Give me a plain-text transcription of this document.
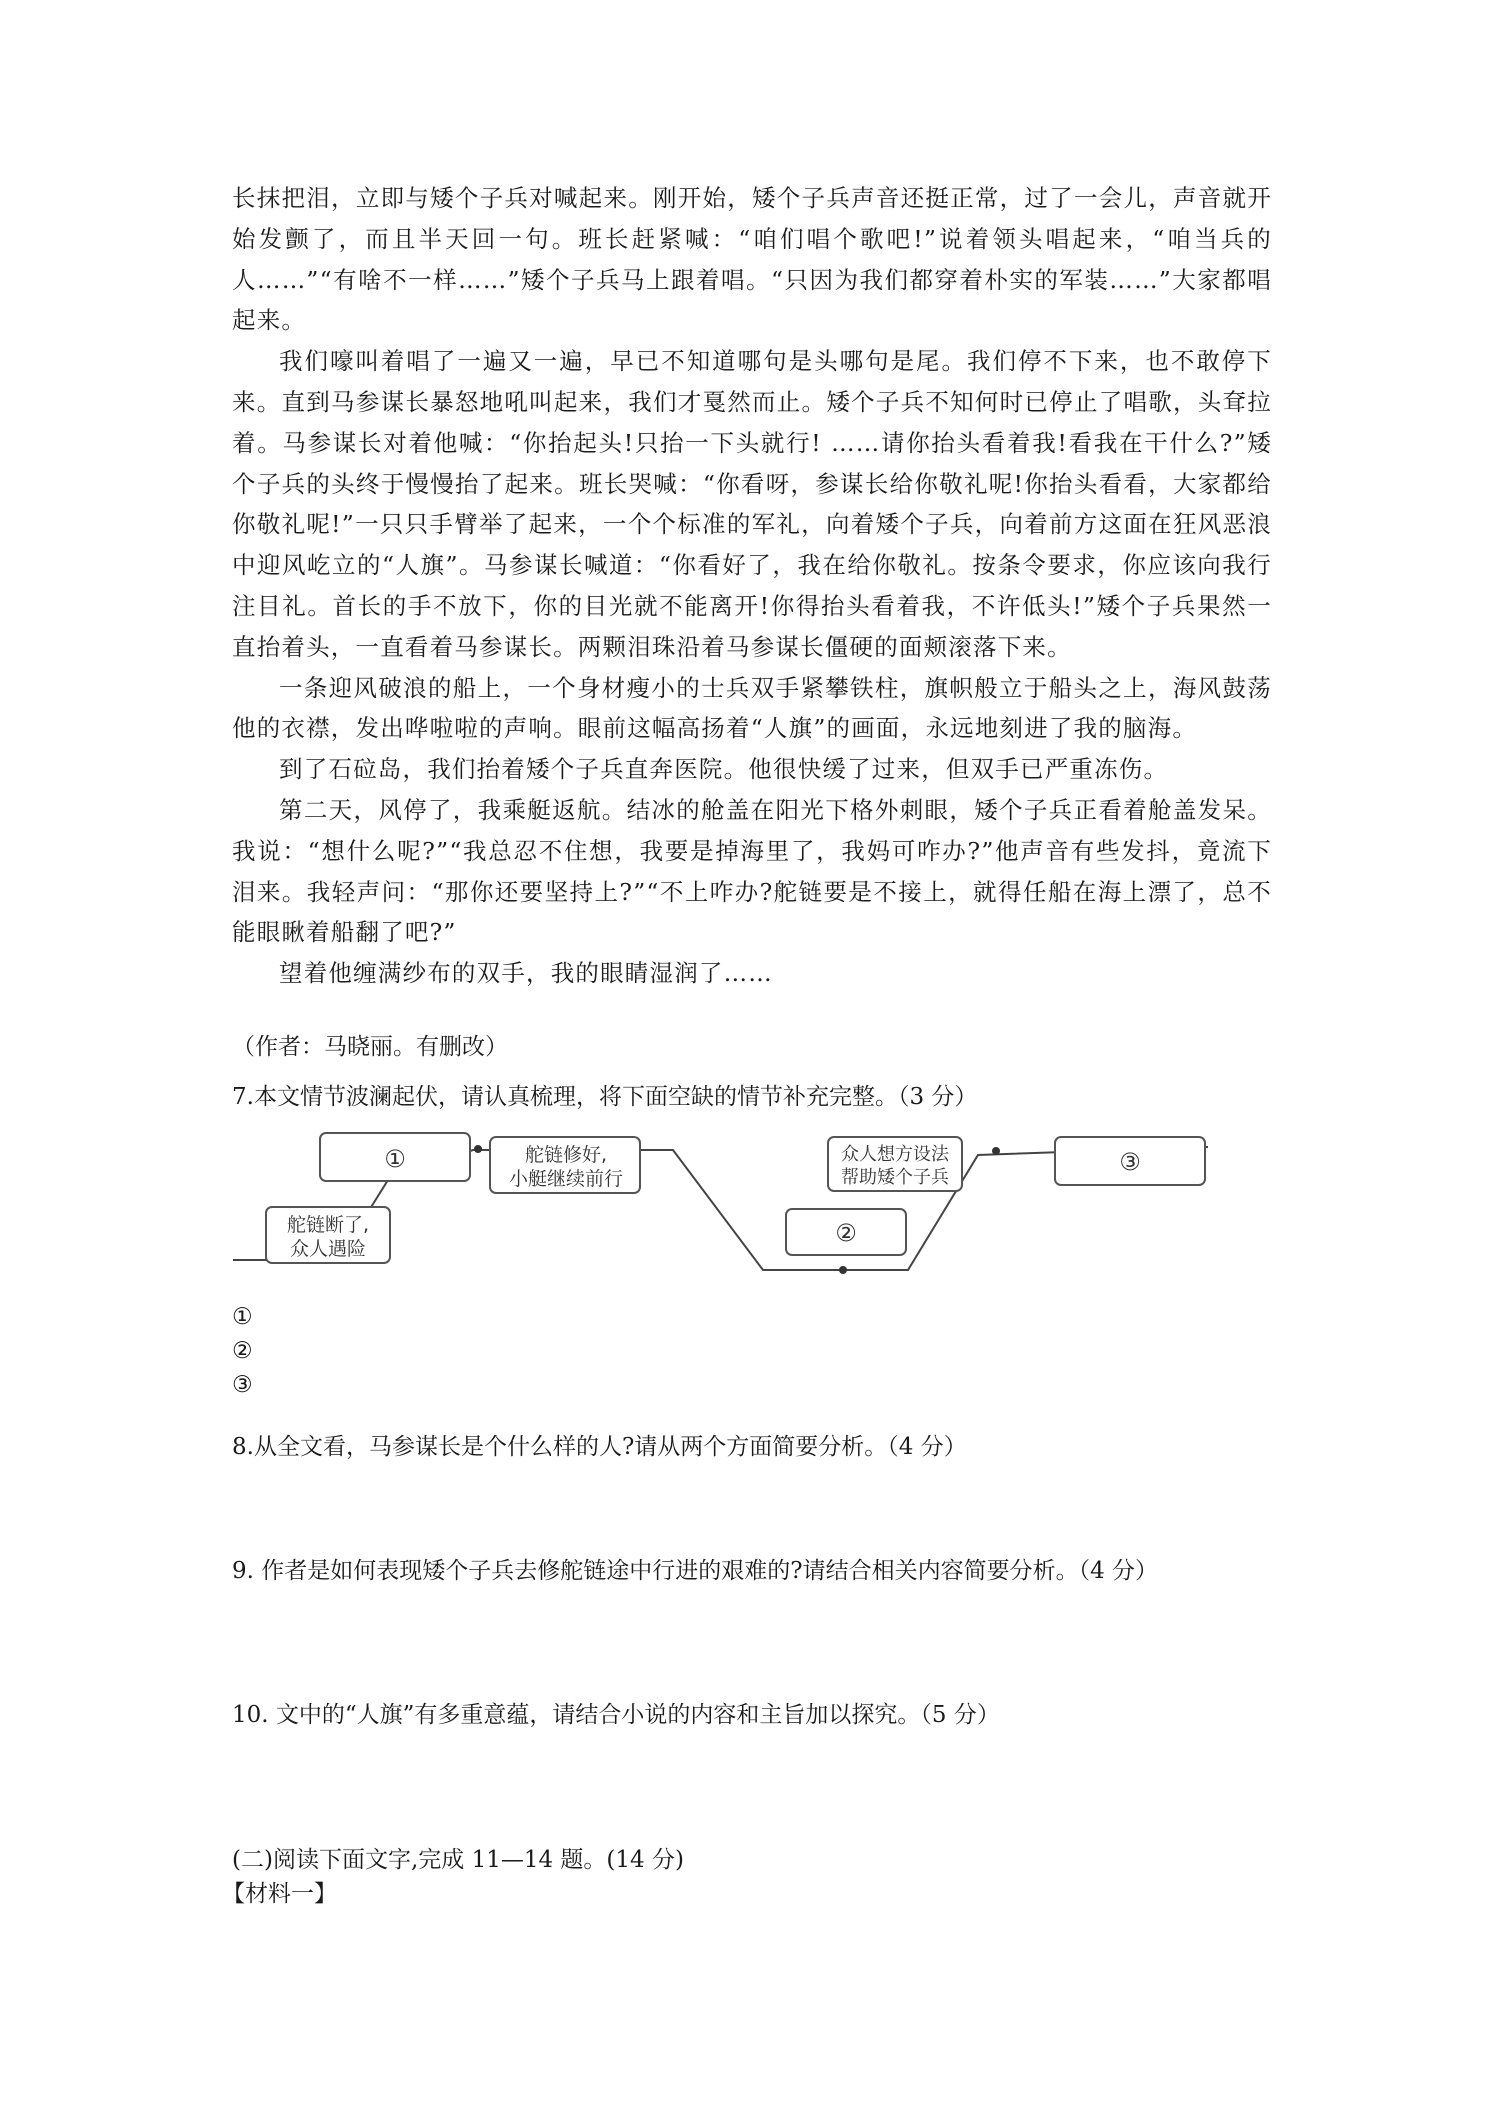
长抹把泪，立即与矮个子兵对喊起来。刚开始，矮个子兵声音还挺正常，过了一会儿，声音就开始发颤了，而且半天回一句。班长赶紧喊：“咱们唱个歌吧!”说着领头唱起来，“咱当兵的人……”“有啥不一样……”矮个子兵马上跟着唱。“只因为我们都穿着朴实的军装……”大家都唱起来。

我们嚎叫着唱了一遍又一遍，早已不知道哪句是头哪句是尾。我们停不下来，也不敢停下来。直到马参谋长暴怒地吼叫起来，我们才戛然而止。矮个子兵不知何时已停止了唱歌，头耷拉着。马参谋长对着他喊：“你抬起头!只抬一下头就行! ……请你抬头看着我!看我在干什么?”矮个子兵的头终于慢慢抬了起来。班长哭喊：“你看呀，参谋长给你敬礼呢!你抬头看看，大家都给你敬礼呢!”一只只手臂举了起来，一个个标准的军礼，向着矮个子兵，向着前方这面在狂风恶浪中迎风屹立的“人旗”。马参谋长喊道：“你看好了，我在给你敬礼。按条令要求，你应该向我行注目礼。首长的手不放下，你的目光就不能离开!你得抬头看着我，不许低头!”矮个子兵果然一直抬着头，一直看着马参谋长。两颗泪珠沿着马参谋长僵硬的面颊滚落下来。

一条迎风破浪的船上，一个身材瘦小的士兵双手紧攀铁柱，旗帜般立于船头之上，海风鼓荡他的衣襟，发出哗啦啦的声响。眼前这幅高扬着“人旗”的画面，永远地刻进了我的脑海。

到了石砬岛，我们抬着矮个子兵直奔医院。他很快缓了过来，但双手已严重冻伤。

第二天，风停了，我乘艇返航。结冰的舱盖在阳光下格外刺眼，矮个子兵正看着舱盖发呆。我说：“想什么呢?”“我总忍不住想，我要是掉海里了，我妈可咋办?”他声音有些发抖，竟流下泪来。我轻声问：“那你还要坚持上?”“不上咋办?舵链要是不接上，就得任船在海上漂了，总不能眼瞅着船翻了吧?”

望着他缠满纱布的双手，我的眼睛湿润了……

（作者：马晓丽。有删改）
7.本文情节波澜起伏，请认真梳理，将下面空缺的情节补充完整。（3 分）
①
舵链断了,
众人遇险
舵链修好,
小艇继续前行
众人想方设法
帮助矮个子兵
②
③
①
②
③
8.从全文看，马参谋长是个什么样的人?请从两个方面简要分析。（4 分）
9. 作者是如何表现矮个子兵去修舵链途中行进的艰难的?请结合相关内容简要分析。（4 分）
10. 文中的“人旗”有多重意蕴，请结合小说的内容和主旨加以探究。（5 分）
(二)阅读下面文字,完成 11—14 题。(14 分)
【材料一】
